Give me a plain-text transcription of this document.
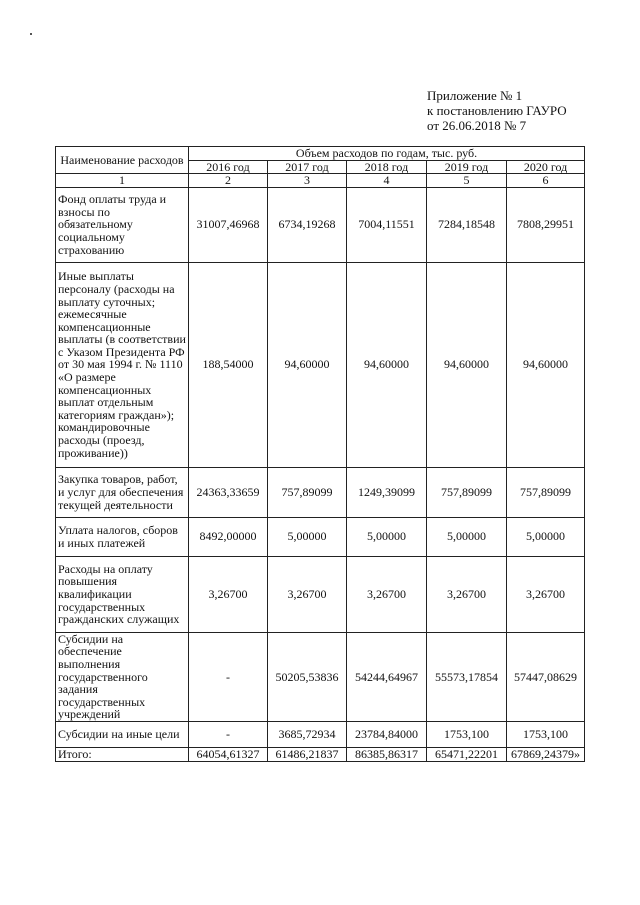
Приложение № 1
к постановлению ГАУРО
от 26.06.2018 № 7
Наименование расходов	Объем расходов по годам, тыс. руб.				
	2016 год	2017 год	2018 год	2019 год	2020 год
1	2	3	4	5	6
Фонд оплаты труда и взносы по обязательному социальному страхованию	31007,46968	6734,19268	7004,11551	7284,18548	7808,29951
Иные выплаты персоналу (расходы на выплату суточных; ежемесячные компенсационные выплаты (в соответствии с Указом Президента РФ от 30 мая 1994 г. № 1110 «О размере компенсационных выплат отдельным категориям граждан»); командировочные расходы (проезд, проживание))	188,54000	94,60000	94,60000	94,60000	94,60000
Закупка товаров, работ, и услуг для обеспечения текущей деятельности	24363,33659	757,89099	1249,39099	757,89099	757,89099
Уплата налогов, сборов и иных платежей	8492,00000	5,00000	5,00000	5,00000	5,00000
Расходы на оплату повышения квалификации государственных гражданских служащих	3,26700	3,26700	3,26700	3,26700	3,26700
Субсидии на обеспечение выполнения государственного задания государственных учреждений	-	50205,53836	54244,64967	55573,17854	57447,08629
Субсидии на иные цели	-	3685,72934	23784,84000	1753,100	1753,100
Итого:	64054,61327	61486,21837	86385,86317	65471,22201	67869,24379»
